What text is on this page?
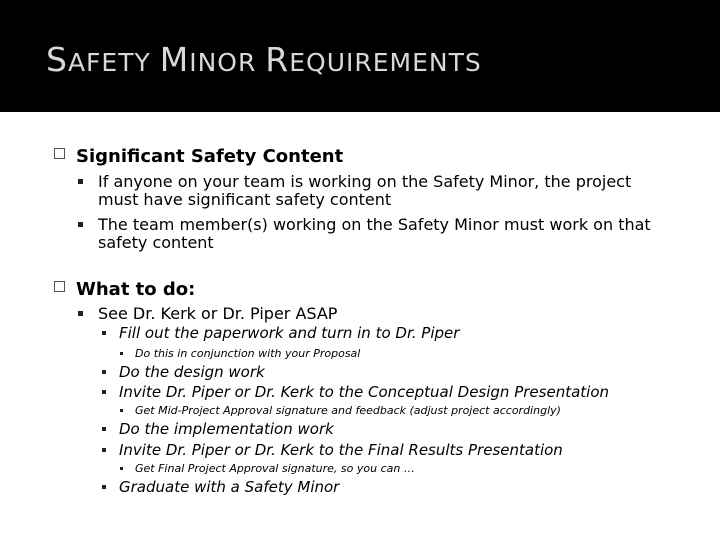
SAFETY MINOR REQUIREMENTS
Significant Safety Content
If anyone on your team is working on the Safety Minor, the project must have significant safety content
The team member(s) working on the Safety Minor must work on that safety content
What to do:
See Dr. Kerk or Dr. Piper ASAP
Fill out the paperwork and turn in to Dr. Piper
Do this in conjunction with your Proposal
Do the design work
Invite Dr. Piper or Dr. Kerk to the Conceptual Design Presentation
Get Mid-Project Approval signature and feedback (adjust project accordingly)
Do the implementation work
Invite Dr. Piper or Dr. Kerk to the Final Results Presentation
Get Final Project Approval signature, so you can …
Graduate with a Safety Minor
